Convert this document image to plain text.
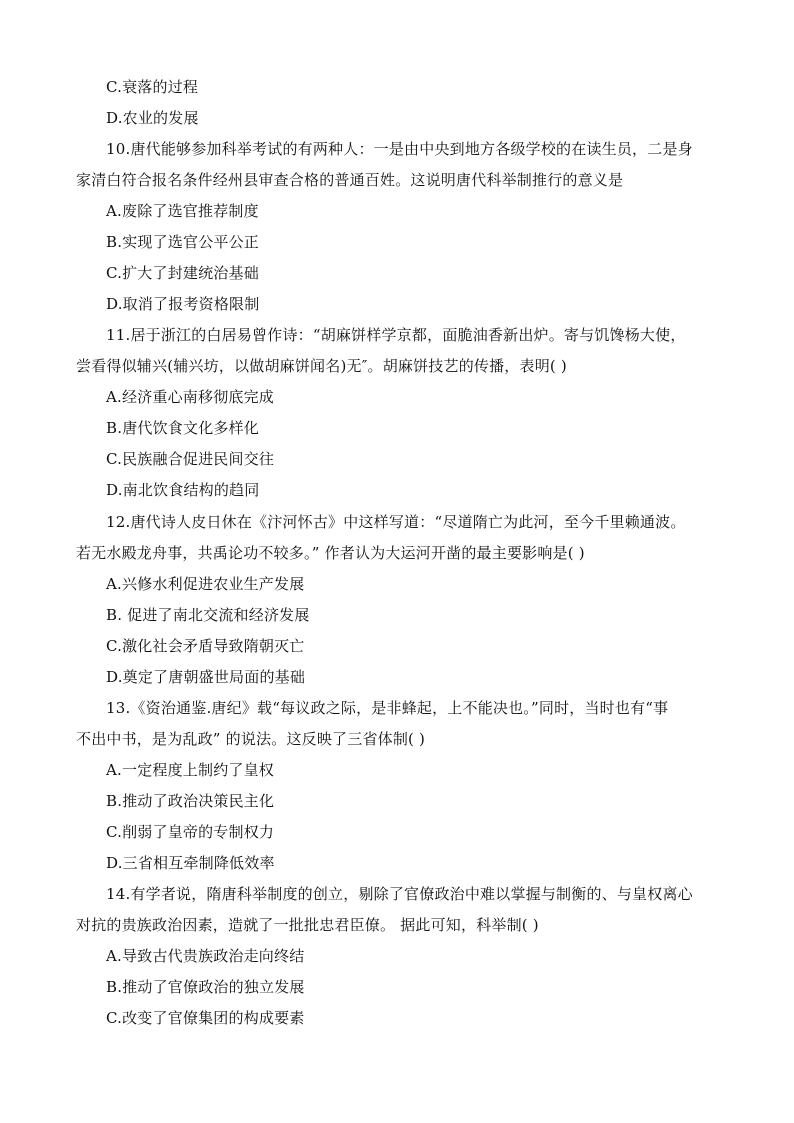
C.衰落的过程
D.农业的发展
10.唐代能够参加科举考试的有两种人：一是由中央到地方各级学校的在读生员，二是身
家清白符合报名条件经州县审查合格的普通百姓。这说明唐代科举制推行的意义是
A.废除了选官推荐制度
B.实现了选官公平公正
C.扩大了封建统治基础
D.取消了报考资格限制
11.居于浙江的白居易曾作诗：“胡麻饼样学京都，面脆油香新出炉。寄与饥馋杨大使，
尝看得似辅兴(辅兴坊，以做胡麻饼闻名)无″。胡麻饼技艺的传播，表明( )
A.经济重心南移彻底完成
B.唐代饮食文化多样化
C.民族融合促进民间交往
D.南北饮食结构的趋同
12.唐代诗人皮日休在《汴河怀古》中这样写道：“尽道隋亡为此河，至今千里赖通波。
若无水殿龙舟事，共禹论功不较多。” 作者认为大运河开凿的最主要影响是( )
A.兴修水利促进农业生产发展
B. 促进了南北交流和经济发展
C.激化社会矛盾导致隋朝灭亡
D.奠定了唐朝盛世局面的基础
13.《资治通鉴.唐纪》载“每议政之际，是非蜂起，上不能决也。”同时，当时也有“事
不出中书，是为乱政” 的说法。这反映了三省体制( )
A.一定程度上制约了皇权
B.推动了政治决策民主化
C.削弱了皇帝的专制权力
D.三省相互牵制降低效率
14.有学者说，隋唐科举制度的创立，剔除了官僚政治中难以掌握与制衡的、与皇权离心
对抗的贵族政治因素，造就了一批批忠君臣僚。 据此可知，科举制( )
A.导致古代贵族政治走向终结
B.推动了官僚政治的独立发展
C.改变了官僚集团的构成要素
